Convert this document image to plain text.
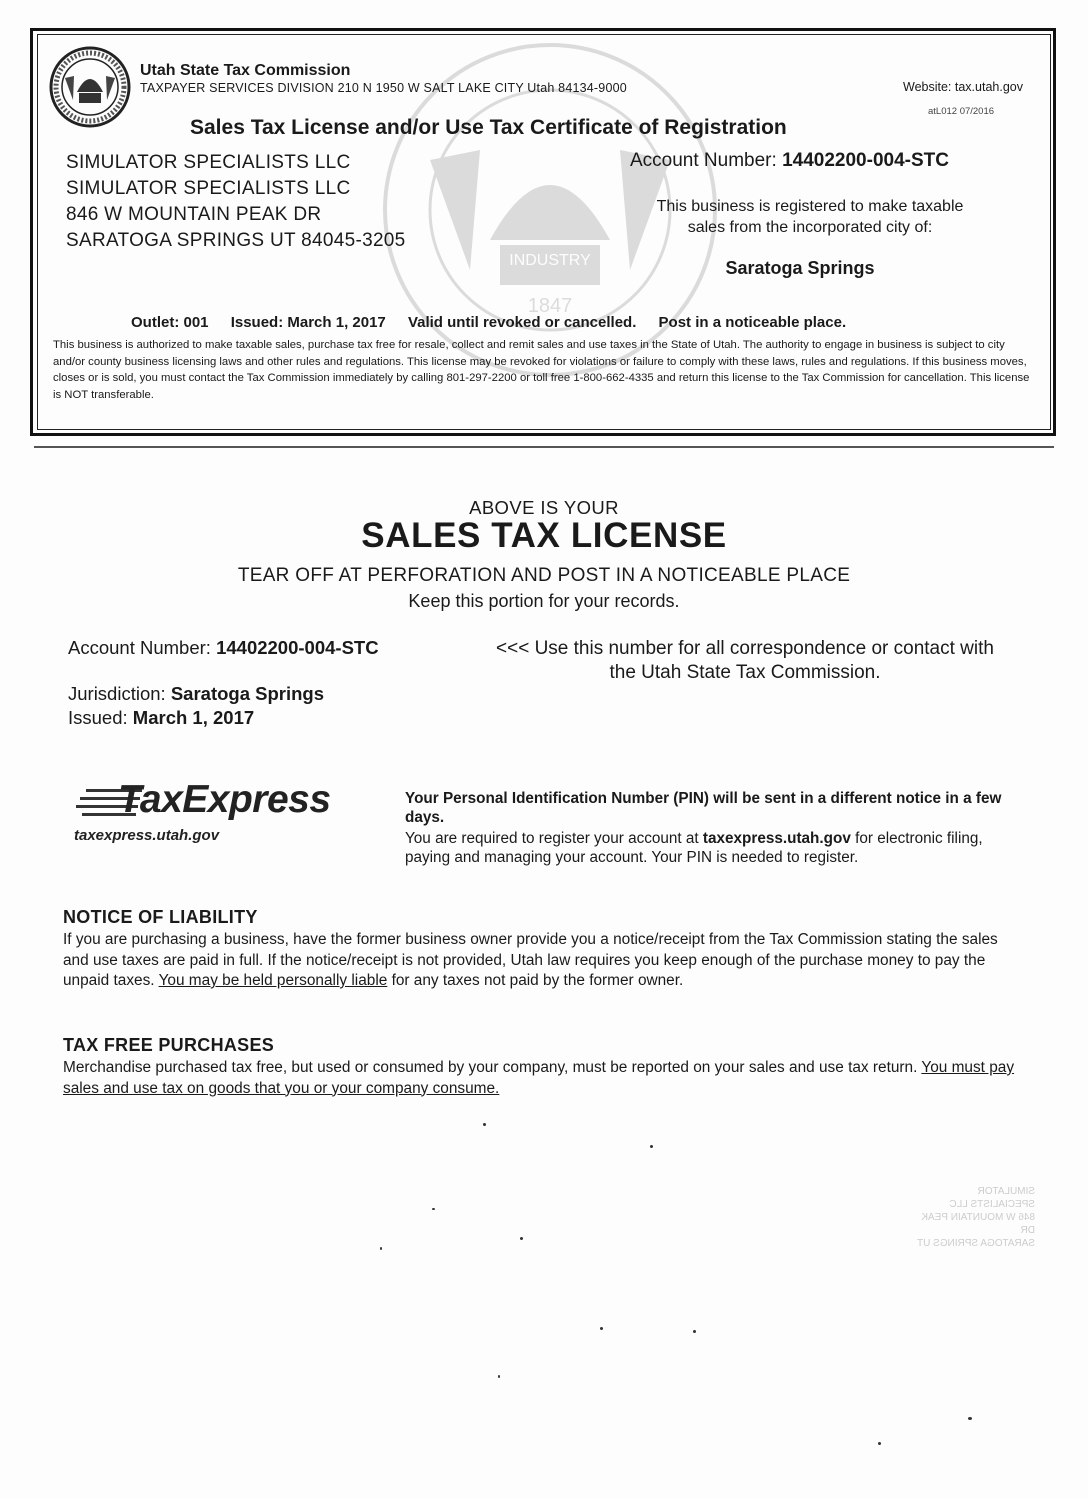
INDUSTRY
1847
Utah State Tax Commission
TAXPAYER SERVICES DIVISION 210 N 1950 W SALT LAKE CITY Utah 84134-9000	Website: tax.utah.gov
atL012 07/2016
Sales Tax License and/or Use Tax Certificate of Registration
SIMULATOR SPECIALISTS LLC
SIMULATOR SPECIALISTS LLC
846 W MOUNTAIN PEAK DR
SARATOGA SPRINGS UT 84045-3205
Account Number: 14402200-004-STC
This business is registered to make taxable sales from the incorporated city of:
Saratoga Springs
Outlet: 001 Issued: March 1, 2017 Valid until revoked or cancelled. Post in a noticeable place.
This business is authorized to make taxable sales, purchase tax free for resale, collect and remit sales and use taxes in the State of Utah. The authority to engage in business is subject to city and/or county business licensing laws and other rules and regulations. This license may be revoked for violations or failure to comply with these laws, rules and regulations. If this business moves, closes or is sold, you must contact the Tax Commission immediately by calling 801-297-2200 or toll free 1-800-662-4335 and return this license to the Tax Commission for cancellation. This license is NOT transferable.
ABOVE IS YOUR
SALES TAX LICENSE
TEAR OFF AT PERFORATION AND POST IN A NOTICEABLE PLACE
Keep this portion for your records.
Account Number: 14402200-004-STC	<<< Use this number for all correspondence or contact with the Utah State Tax Commission.
Jurisdiction: Saratoga Springs
Issued: March 1, 2017
TaxExpress
taxexpress.utah.gov
Your Personal Identification Number (PIN) will be sent in a different notice in a few days.
You are required to register your account at taxexpress.utah.gov for electronic filing, paying and managing your account. Your PIN is needed to register.
NOTICE OF LIABILITY
If you are purchasing a business, have the former business owner provide you a notice/receipt from the Tax Commission stating the sales and use taxes are paid in full. If the notice/receipt is not provided, Utah law requires you keep enough of the purchase money to pay the unpaid taxes. You may be held personally liable for any taxes not paid by the former owner.
TAX FREE PURCHASES
Merchandise purchased tax free, but used or consumed by your company, must be reported on your sales and use tax return. You must pay sales and use tax on goods that you or your company consume.
SIMULATOR SPECIALISTS LLC
846 W MOUNTAIN PEAK DR
SARATOGA SPRINGS UT
